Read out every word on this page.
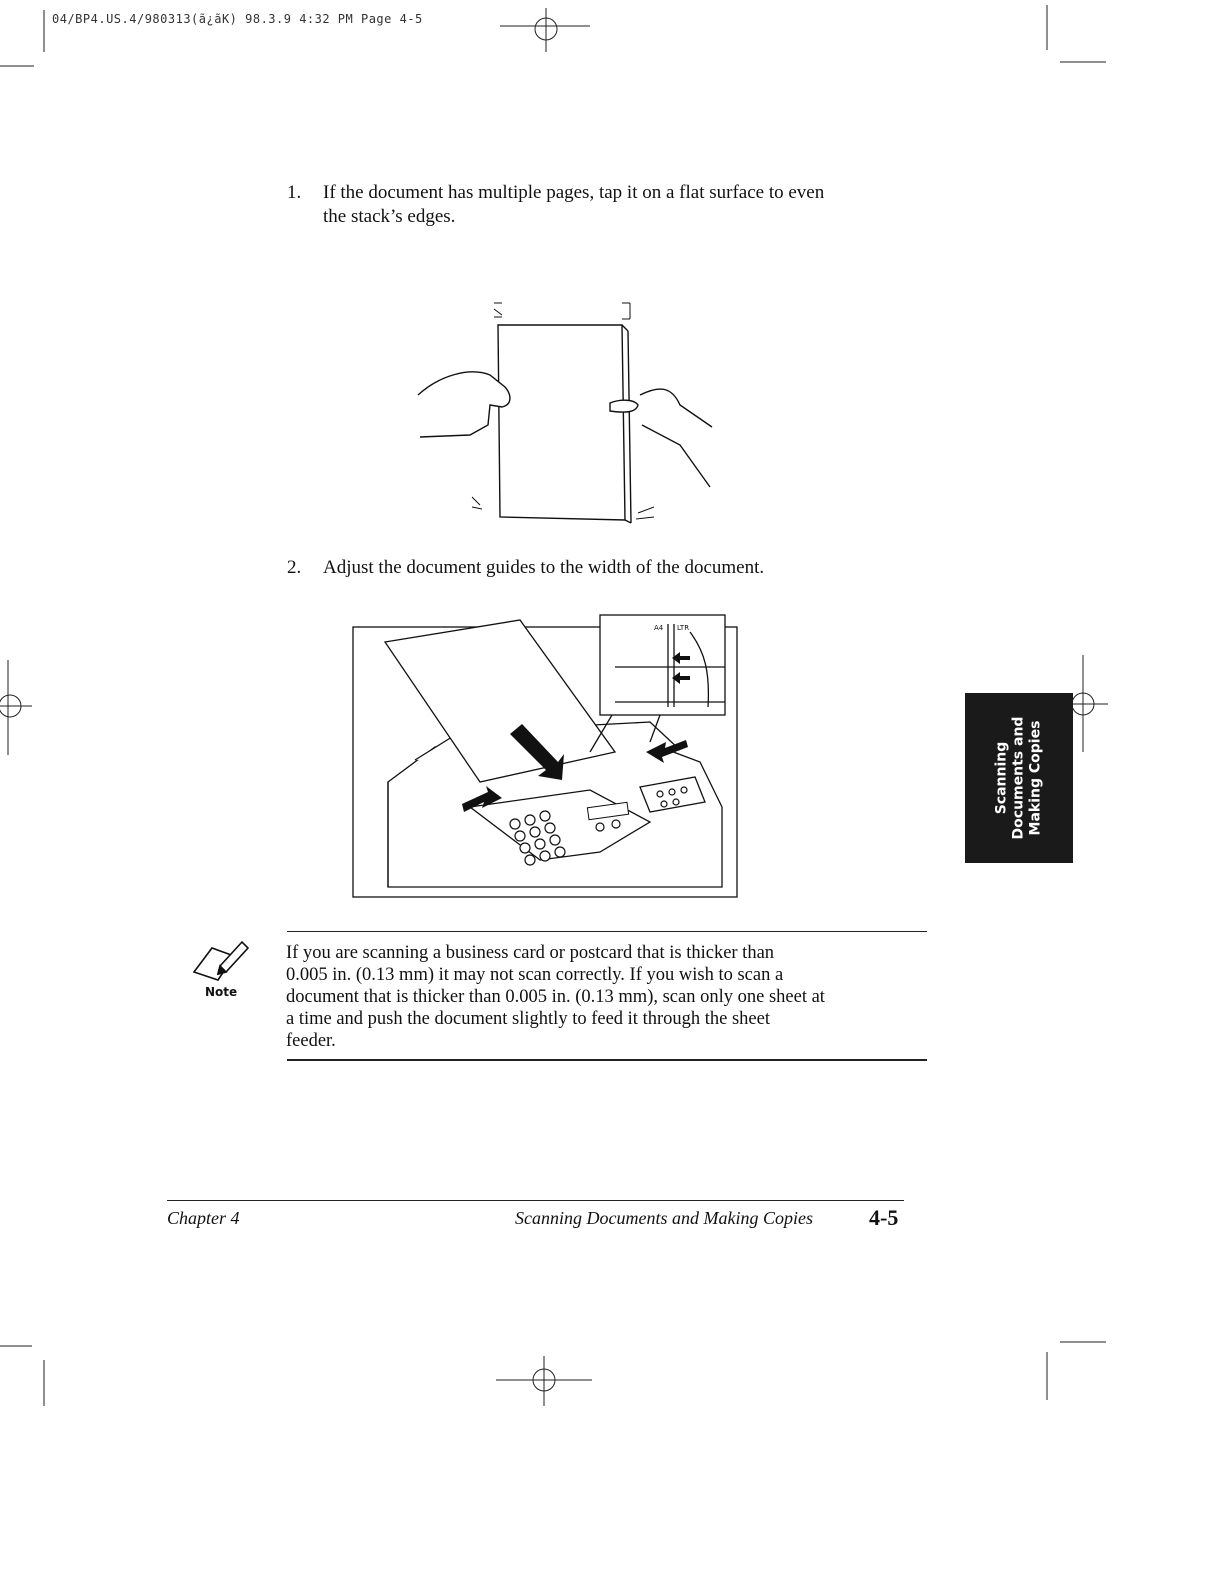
04/BP4.US.4/980313(ã¿ãK) 98.3.9 4:32 PM Page 4-5
1. If the document has multiple pages, tap it on a flat surface to even
the stack’s edges.
2. Adjust the document guides to the width of the document.
A4 LTR
Note
If you are scanning a business card or postcard that is thicker than
0.005 in. (0.13 mm) it may not scan correctly. If you wish to scan a
document that is thicker than 0.005 in. (0.13 mm), scan only one sheet at
a time and push the document slightly to feed it through the sheet
feeder.
Scanning Documents and Making Copies
Chapter 4	Scanning Documents and Making Copies	4-5
